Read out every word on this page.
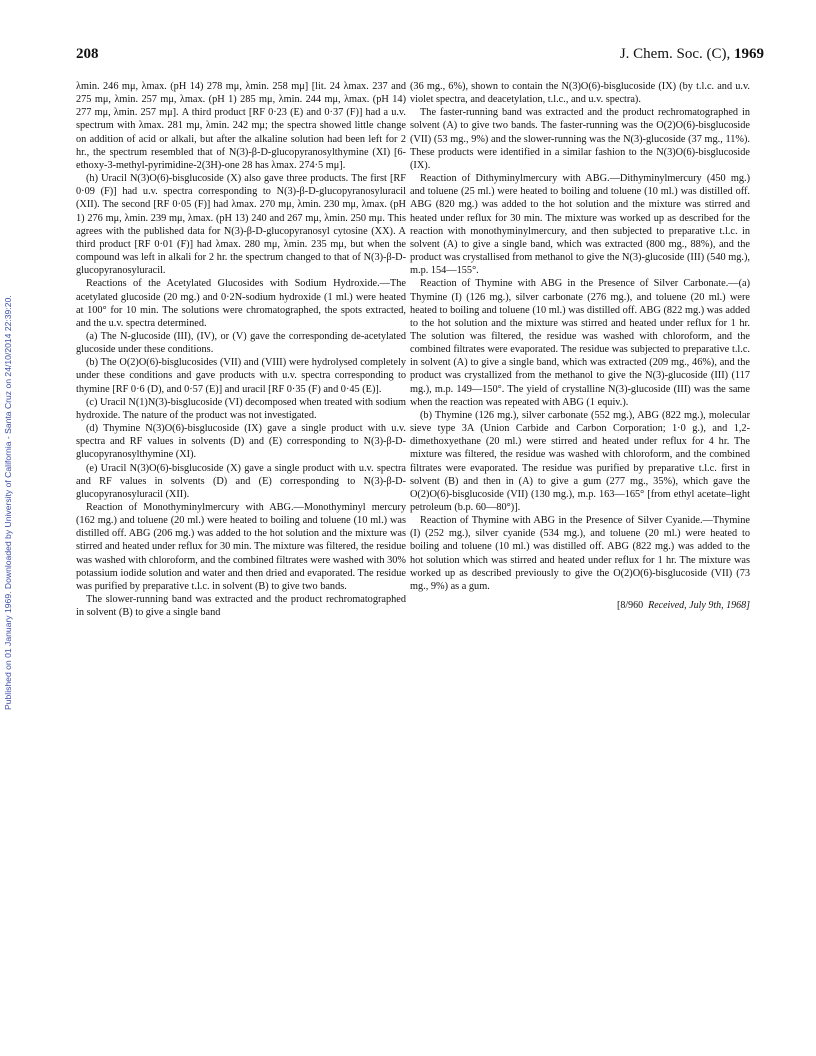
208	J. Chem. Soc. (C), 1969
Published on 01 January 1969. Downloaded by University of California - Santa Cruz on 24/10/2014 22:39:20.

λmin. 246 mμ, λmax. (pH 14) 278 mμ, λmin. 258 mμ] [lit. 24 λmax. 237 and 275 mμ, λmin. 257 mμ, λmax. (pH 1) 285 mμ, λmin. 244 mμ, λmax. (pH 14) 277 mμ, λmin. 257 mμ]. A third product [RF 0·23 (E) and 0·37 (F)] had a u.v. spectrum with λmax. 281 mμ, λmin. 242 mμ; the spectra showed little change on addition of acid or alkali, but after the alkaline solution had been left for 2 hr., the spectrum resembled that of N(3)-β-D-glucopyranosylthymine (XI) [6-ethoxy-3-methyl-pyrimidine-2(3H)-one 28 has λmax. 274·5 mμ].

(h) Uracil N(3)O(6)-bisglucoside (X) also gave three products. The first [RF 0·09 (F)] had u.v. spectra corresponding to N(3)-β-D-glucopyranosyluracil (XII). The second [RF 0·05 (F)] had λmax. 270 mμ, λmin. 230 mμ, λmax. (pH 1) 276 mμ, λmin. 239 mμ, λmax. (pH 13) 240 and 267 mμ, λmin. 250 mμ. This agrees with the published data for N(3)-β-D-glucopyranosyl cytosine (XX). A third product [RF 0·01 (F)] had λmax. 280 mμ, λmin. 235 mμ, but when the compound was left in alkali for 2 hr. the spectrum changed to that of N(3)-β-D-glucopyranosyluracil.

Reactions of the Acetylated Glucosides with Sodium Hydroxide.—The acetylated glucoside (20 mg.) and 0·2N-sodium hydroxide (1 ml.) were heated at 100° for 10 min. The solutions were chromatographed, the spots extracted, and the u.v. spectra determined.

(a) The N-glucoside (III), (IV), or (V) gave the corresponding de-acetylated glucoside under these conditions.

(b) The O(2)O(6)-bisglucosides (VII) and (VIII) were hydrolysed completely under these conditions and gave products with u.v. spectra corresponding to thymine [RF 0·6 (D), and 0·57 (E)] and uracil [RF 0·35 (F) and 0·45 (E)].

(c) Uracil N(1)N(3)-bisglucoside (VI) decomposed when treated with sodium hydroxide. The nature of the product was not investigated.

(d) Thymine N(3)O(6)-bisglucoside (IX) gave a single product with u.v. spectra and RF values in solvents (D) and (E) corresponding to N(3)-β-D-glucopyranosylthymine (XI).

(e) Uracil N(3)O(6)-bisglucoside (X) gave a single product with u.v. spectra and RF values in solvents (D) and (E) corresponding to N(3)-β-D-glucopyranosyluracil (XII).

Reaction of Monothyminylmercury with ABG.—Monothyminyl mercury (162 mg.) and toluene (20 ml.) were heated to boiling and toluene (10 ml.) was distilled off. ABG (206 mg.) was added to the hot solution and the mixture was stirred and heated under reflux for 30 min. The mixture was filtered, the residue was washed with chloroform, and the combined filtrates were washed with 30% potassium iodide solution and water and then dried and evaporated. The residue was purified by preparative t.l.c. in solvent (B) to give two bands.

The slower-running band was extracted and the product rechromatographed in solvent (B) to give a single band

(36 mg., 6%), shown to contain the N(3)O(6)-bisglucoside (IX) (by t.l.c. and u.v. violet spectra, and deacetylation, t.l.c., and u.v. spectra).

The faster-running band was extracted and the product rechromatographed in solvent (A) to give two bands. The faster-running was the O(2)O(6)-bisglucoside (VII) (53 mg., 9%) and the slower-running was the N(3)-glucoside (37 mg., 11%). These products were identified in a similar fashion to the N(3)O(6)-bisglucoside (IX).

Reaction of Dithyminylmercury with ABG.—Dithyminylmercury (450 mg.) and toluene (25 ml.) were heated to boiling and toluene (10 ml.) was distilled off. ABG (820 mg.) was added to the hot solution and the mixture was stirred and heated under reflux for 30 min. The mixture was worked up as described for the reaction with monothyminylmercury, and then subjected to preparative t.l.c. in solvent (A) to give a single band, which was extracted (800 mg., 88%), and the product was crystallised from methanol to give the N(3)-glucoside (III) (540 mg.), m.p. 154—155°.

Reaction of Thymine with ABG in the Presence of Silver Carbonate.—(a) Thymine (I) (126 mg.), silver carbonate (276 mg.), and toluene (20 ml.) were heated to boiling and toluene (10 ml.) was distilled off. ABG (822 mg.) was added to the hot solution and the mixture was stirred and heated under reflux for 1 hr. The solution was filtered, the residue was washed with chloroform, and the combined filtrates were evaporated. The residue was subjected to preparative t.l.c. in solvent (A) to give a single band, which was extracted (209 mg., 46%), and the product was crystallized from the methanol to give the N(3)-glucoside (III) (117 mg.), m.p. 149—150°. The yield of crystalline N(3)-glucoside (III) was the same when the reaction was repeated with ABG (1 equiv.).

(b) Thymine (126 mg.), silver carbonate (552 mg.), ABG (822 mg.), molecular sieve type 3A (Union Carbide and Carbon Corporation; 1·0 g.), and 1,2-dimethoxyethane (20 ml.) were stirred and heated under reflux for 4 hr. The mixture was filtered, the residue was washed with chloroform, and the combined filtrates were evaporated. The residue was purified by preparative t.l.c. first in solvent (B) and then in (A) to give a gum (277 mg., 35%), which gave the O(2)O(6)-bisglucoside (VII) (130 mg.), m.p. 163—165° [from ethyl acetate–light petroleum (b.p. 60—80°)].

Reaction of Thymine with ABG in the Presence of Silver Cyanide.—Thymine (I) (252 mg.), silver cyanide (534 mg.), and toluene (20 ml.) were heated to boiling and toluene (10 ml.) was distilled off. ABG (822 mg.) was added to the hot solution which was stirred and heated under reflux for 1 hr. The mixture was worked up as described previously to give the O(2)O(6)-bisglucoside (VII) (73 mg., 9%) as a gum.

[8/960 Received, July 9th, 1968]
